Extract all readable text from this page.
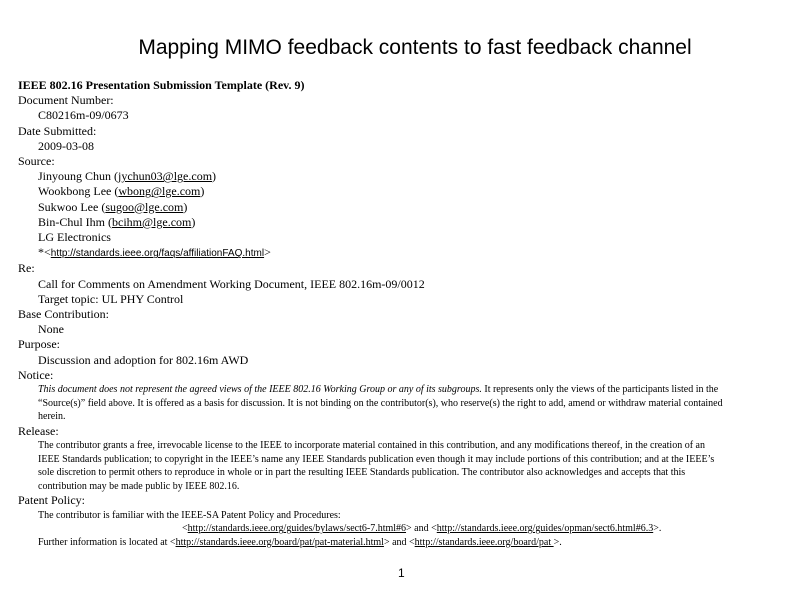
Mapping MIMO feedback contents to fast feedback channel
IEEE 802.16 Presentation Submission Template (Rev. 9)
Document Number:
C80216m-09/0673
Date Submitted:
2009-03-08
Source:
Jinyoung Chun (jychun03@lge.com)
Wookbong Lee (wbong@lge.com)
Sukwoo Lee (sugoo@lge.com)
Bin-Chul Ihm (bcihm@lge.com)
LG Electronics
*<http://standards.ieee.org/faqs/affiliationFAQ.html>
Re:
Call for Comments on Amendment Working Document, IEEE 802.16m-09/0012
Target topic: UL PHY Control
Base Contribution:
None
Purpose:
Discussion and adoption for 802.16m AWD
Notice:
This document does not represent the agreed views of the IEEE 802.16 Working Group or any of its subgroups. It represents only the views of the participants listed in the
“Source(s)” field above. It is offered as a basis for discussion. It is not binding on the contributor(s), who reserve(s) the right to add, amend or withdraw material contained
herein.
Release:
The contributor grants a free, irrevocable license to the IEEE to incorporate material contained in this contribution, and any modifications thereof, in the creation of an
IEEE Standards publication; to copyright in the IEEE’s name any IEEE Standards publication even though it may include portions of this contribution; and at the IEEE’s
sole discretion to permit others to reproduce in whole or in part the resulting IEEE Standards publication. The contributor also acknowledges and accepts that this
contribution may be made public by IEEE 802.16.
Patent Policy:
The contributor is familiar with the IEEE-SA Patent Policy and Procedures:
<http://standards.ieee.org/guides/bylaws/sect6-7.html#6> and <http://standards.ieee.org/guides/opman/sect6.html#6.3>.
Further information is located at <http://standards.ieee.org/board/pat/pat-material.html> and <http://standards.ieee.org/board/pat >.
1
